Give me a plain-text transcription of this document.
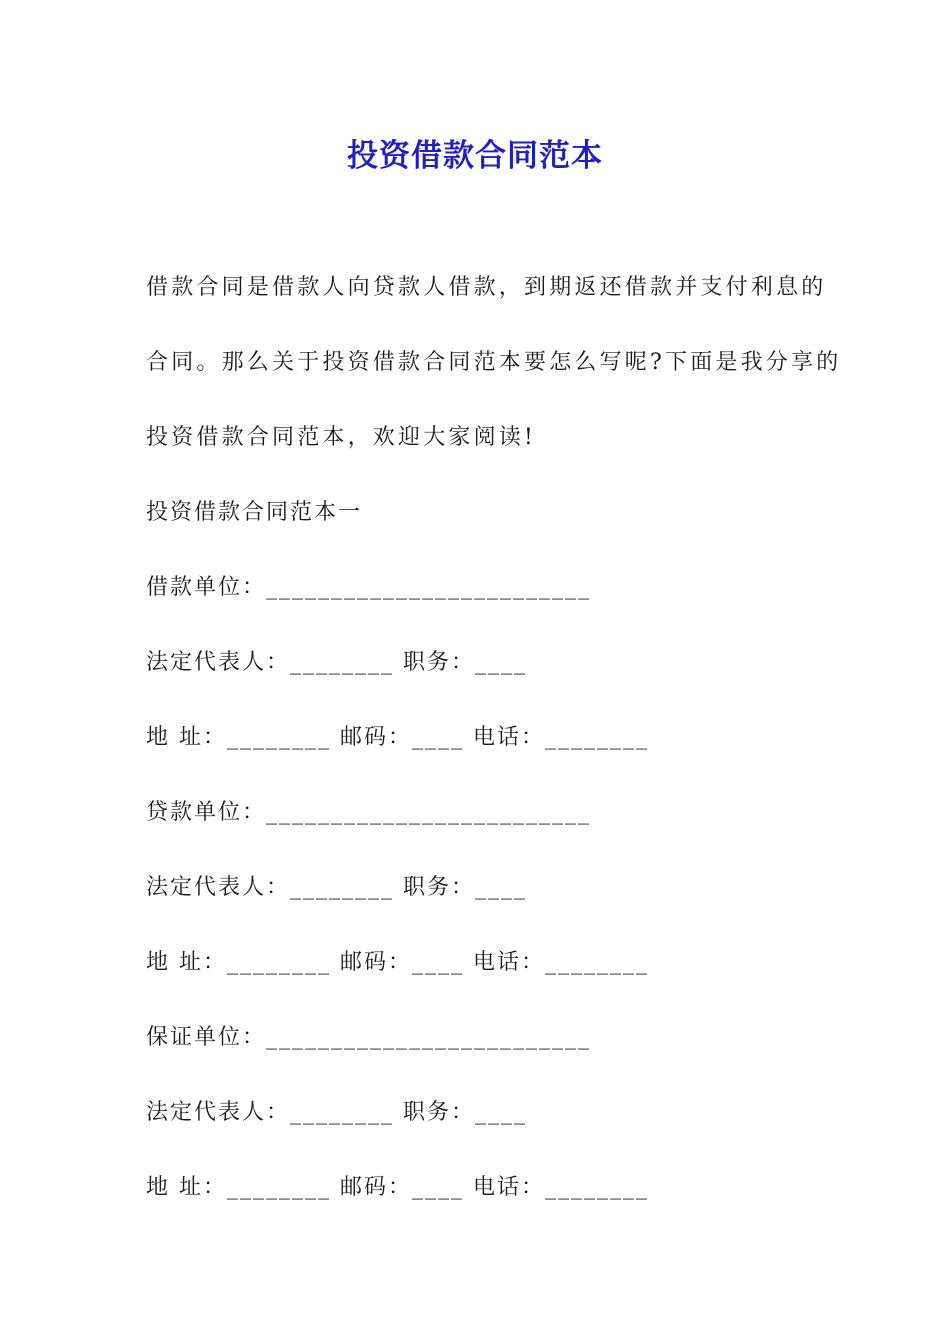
投资借款合同范本
借款合同是借款人向贷款人借款，到期返还借款并支付利息的
合同。那么关于投资借款合同范本要怎么写呢?下面是我分享的
投资借款合同范本，欢迎大家阅读!
投资借款合同范本一
借款单位：_________________________
法定代表人：________ 职务：____
地 址：________ 邮码：____ 电话：________
贷款单位：_________________________
法定代表人：________ 职务：____
地 址：________ 邮码：____ 电话：________
保证单位：_________________________
法定代表人：________ 职务：____
地 址：________ 邮码：____ 电话：________
